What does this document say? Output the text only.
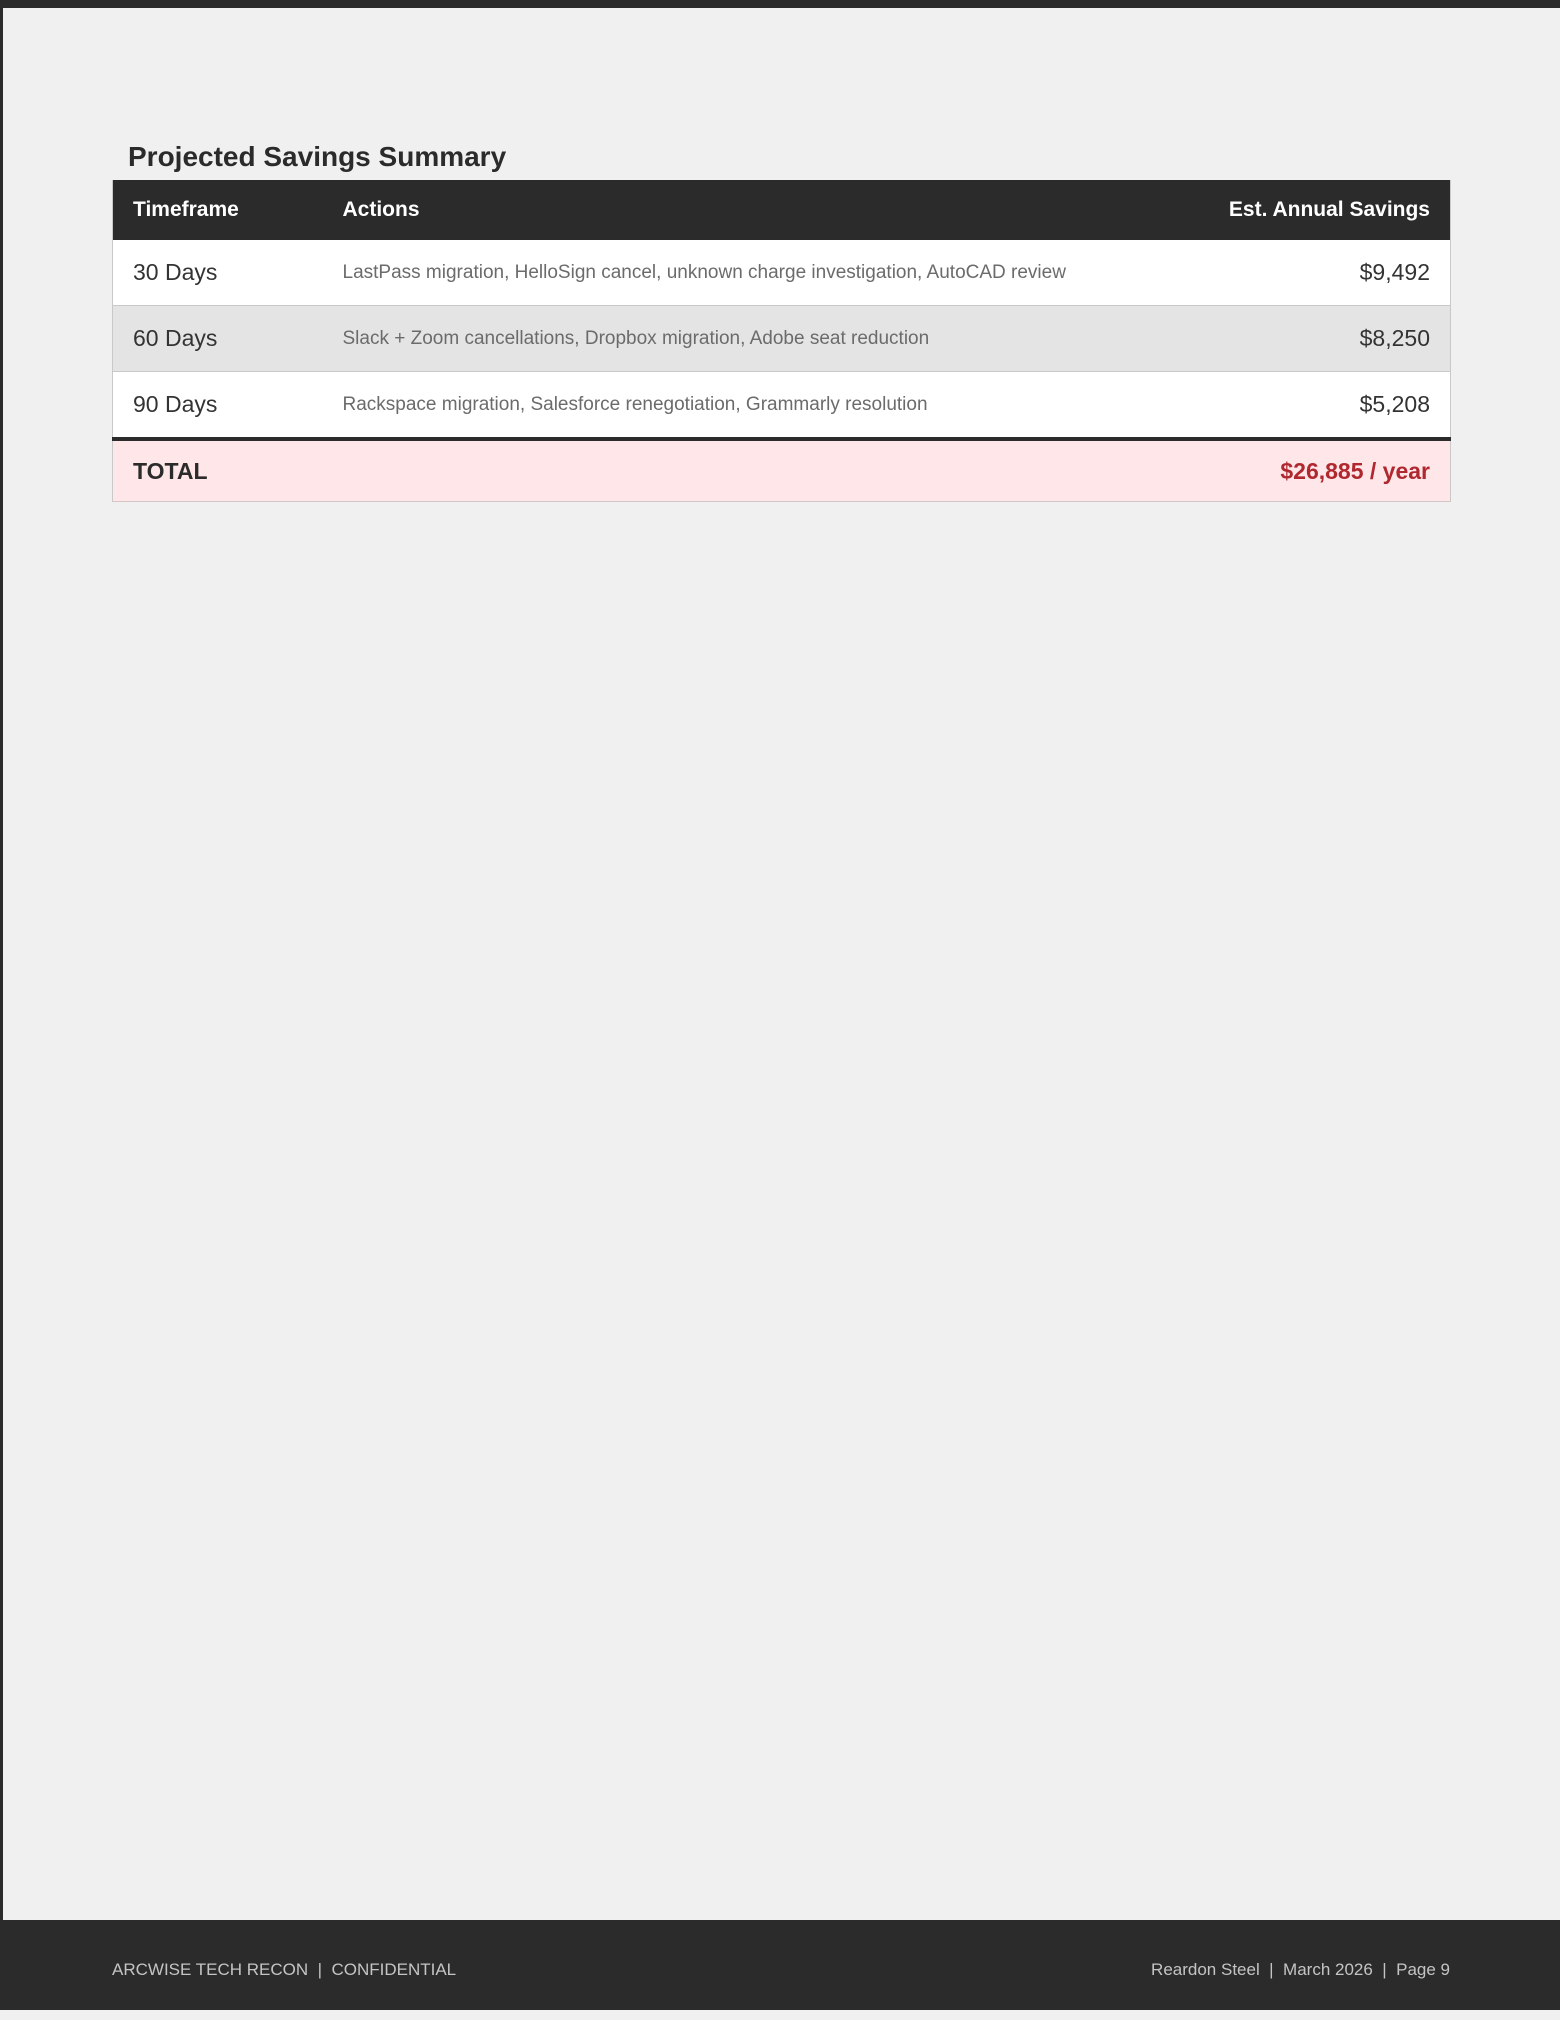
Projected Savings Summary
Timeframe	Actions	Est. Annual Savings
30 Days	LastPass migration, HelloSign cancel, unknown charge investigation, AutoCAD review	$9,492
60 Days	Slack + Zoom cancellations, Dropbox migration, Adobe seat reduction	$8,250
90 Days	Rackspace migration, Salesforce renegotiation, Grammarly resolution	$5,208
TOTAL		$26,885 / year
ARCWISE TECH RECON  |  CONFIDENTIAL	Reardon Steel  |  March 2026  |  Page 9
